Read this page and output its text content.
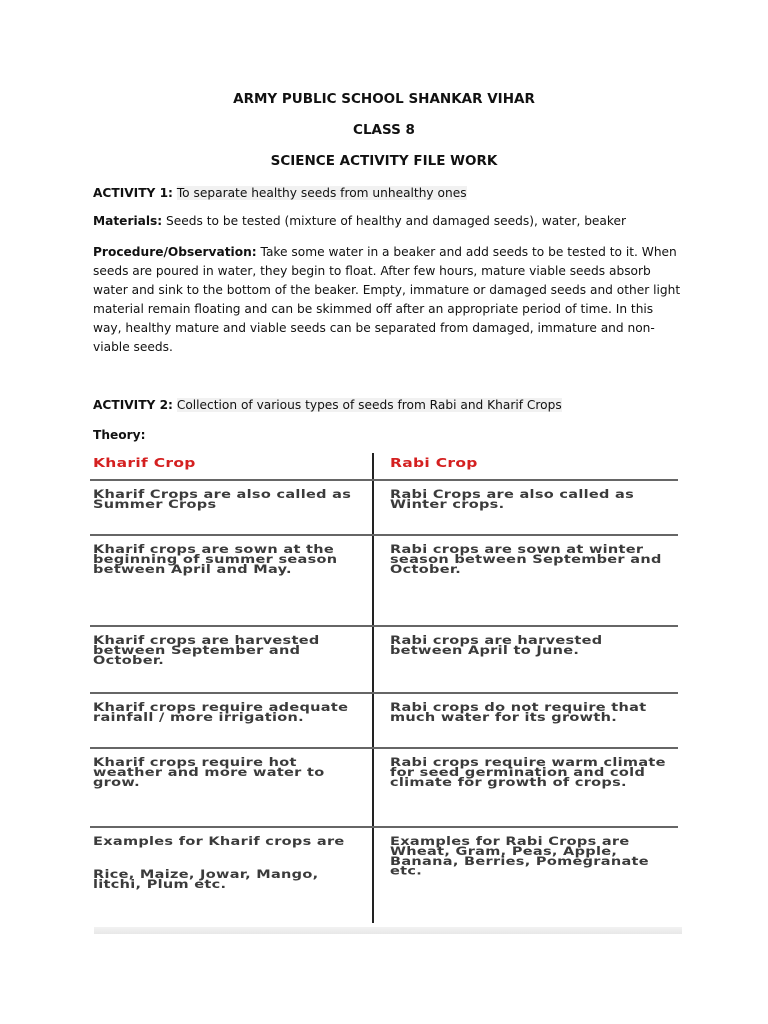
ARMY PUBLIC SCHOOL SHANKAR VIHAR
CLASS 8
SCIENCE ACTIVITY FILE WORK
ACTIVITY 1: To separate healthy seeds from unhealthy ones
Materials: Seeds to be tested (mixture of healthy and damaged seeds), water, beaker
Procedure/Observation: Take some water in a beaker and add seeds to be tested to it. When seeds are poured in water, they begin to float. After few hours, mature viable seeds absorb water and sink to the bottom of the beaker. Empty, immature or damaged seeds and other light material remain floating and can be skimmed off after an appropriate period of time. In this way, healthy mature and viable seeds can be separated from damaged, immature and non-viable seeds.
ACTIVITY 2: Collection of various types of seeds from Rabi and Kharif Crops
Theory:
Kharif Crop	Rabi Crop
Kharif Crops are also called as Summer Crops
Rabi Crops are also called as Winter crops.
Kharif crops are sown at the beginning of summer season between April and May.
Rabi crops are sown at winter season between September and October.
Kharif crops are harvested between September and October.
Rabi crops are harvested between April to June.
Kharif crops require adequate rainfall / more irrigation.
Rabi crops do not require that much water for its growth.
Kharif crops require hot weather and more water to grow.
Rabi crops require warm climate for seed germination and cold climate for growth of crops.
Examples for Kharif crops are
Rice, Maize, Jowar, Mango, litchi, Plum etc.
Examples for Rabi Crops are Wheat, Gram, Peas, Apple, Banana, Berries, Pomegranate etc.
